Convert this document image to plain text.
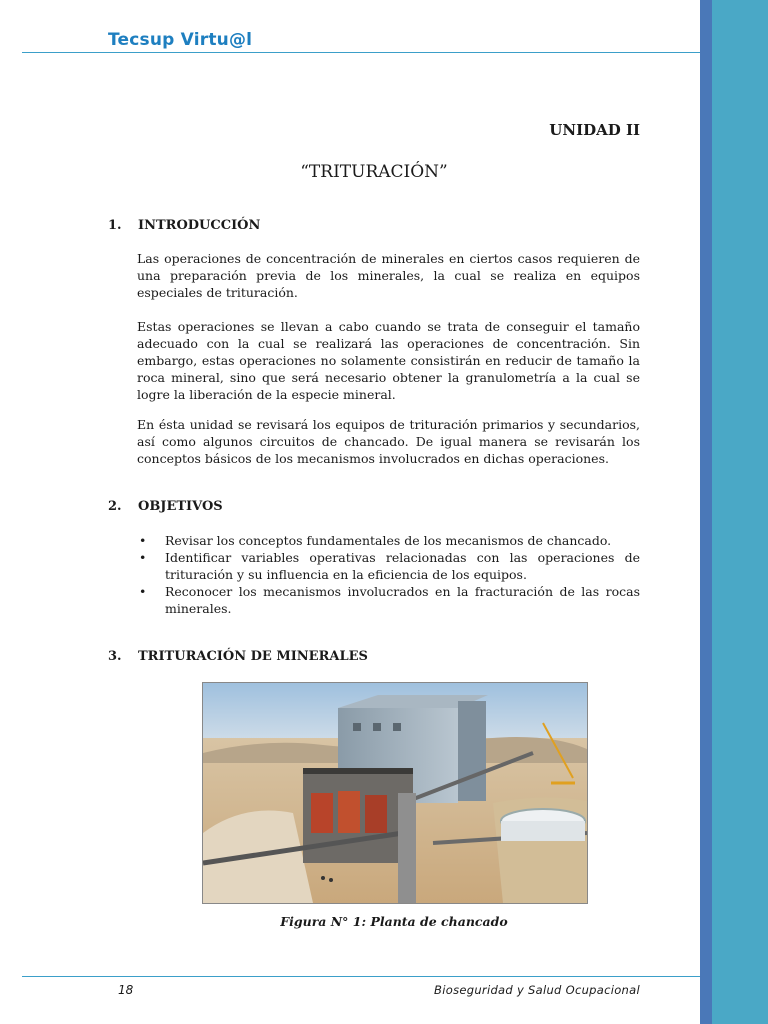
Tecsup Virtu@l
UNIDAD II
“TRITURACIÓN”
1. INTRODUCCIÓN
Las operaciones de concentración de minerales en ciertos casos requieren de una preparación previa de los minerales, la cual se realiza en equipos especiales de trituración.
Estas operaciones se llevan a cabo cuando se trata de conseguir el tamaño adecuado con la cual se realizará las operaciones de concentración. Sin embargo, estas operaciones no solamente consistirán en reducir de tamaño la roca mineral, sino que será necesario obtener la granulometría a la cual se logre la liberación de la especie mineral.
En ésta unidad se revisará los equipos de trituración primarios y secundarios, así como algunos circuitos de chancado. De igual manera se revisarán los conceptos básicos de los mecanismos involucrados en dichas operaciones.
2. OBJETIVOS
• Revisar los conceptos fundamentales de los mecanismos de chancado.
• Identificar variables operativas relacionadas con las operaciones de trituración y su influencia en la eficiencia de los equipos.
• Reconocer los mecanismos involucrados en la fracturación de las rocas minerales.
3. TRITURACIÓN DE MINERALES
Figura N° 1: Planta de chancado
18	Bioseguridad y Salud Ocupacional
